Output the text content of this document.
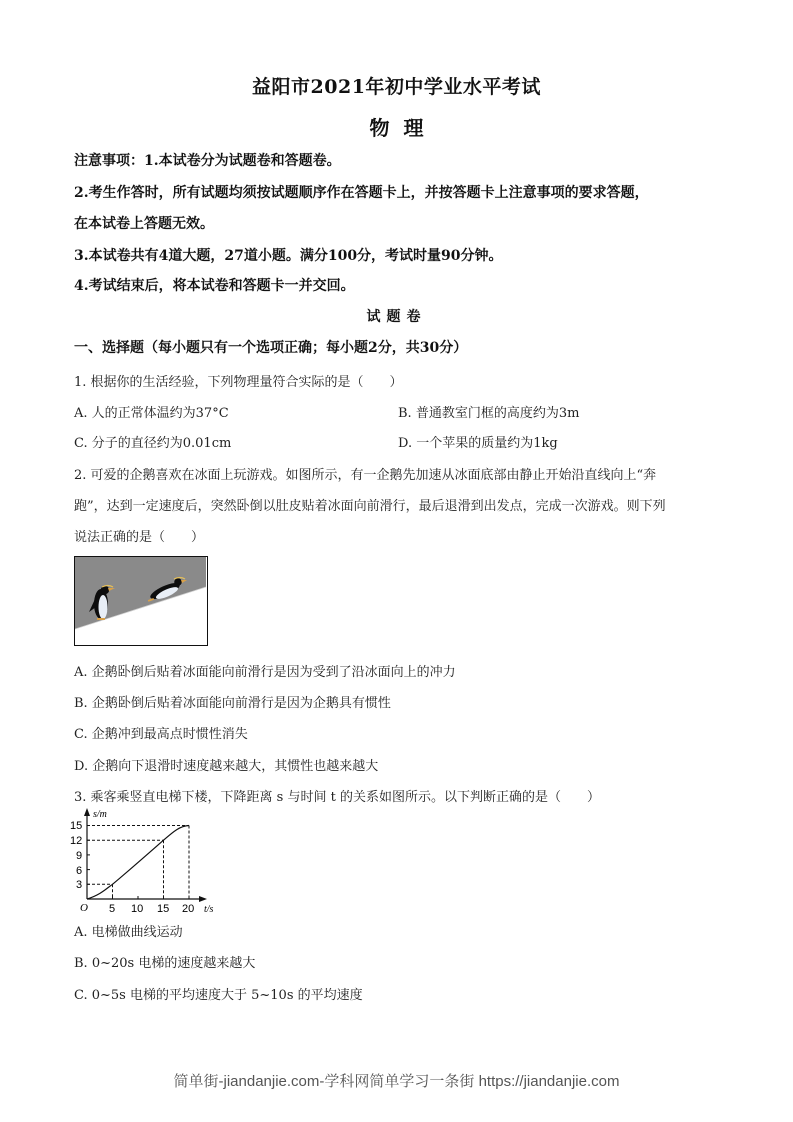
益阳市2021年初中学业水平考试
物理
注意事项：1.本试卷分为试题卷和答题卷。
2.考生作答时，所有试题均须按试题顺序作在答题卡上，并按答题卡上注意事项的要求答题，
在本试卷上答题无效。
3.本试卷共有4道大题，27道小题。满分100分，考试时量90分钟。
4.考试结束后，将本试卷和答题卡一并交回。
试题卷
一、选择题（每小题只有一个选项正确；每小题2分，共30分）
1. 根据你的生活经验，下列物理量符合实际的是（　　）
A. 人的正常体温约为37°C	B. 普通教室门框的高度约为3m
C. 分子的直径约为0.01cm	D. 一个苹果的质量约为1kg
2. 可爱的企鹅喜欢在冰面上玩游戏。如图所示，有一企鹅先加速从冰面底部由静止开始沿直线向上“奔
跑”，达到一定速度后，突然卧倒以肚皮贴着冰面向前滑行，最后退滑到出发点，完成一次游戏。则下列
说法正确的是（　　）
A. 企鹅卧倒后贴着冰面能向前滑行是因为受到了沿冰面向上的冲力
B. 企鹅卧倒后贴着冰面能向前滑行是因为企鹅具有惯性
C. 企鹅冲到最高点时惯性消失
D. 企鹅向下退滑时速度越来越大，其惯性也越来越大
3. 乘客乘竖直电梯下楼，下降距离 s 与时间 t 的关系如图所示。以下判断正确的是（　　）
s/m
15
12
9
6
3
O 5 10 15 20 t/s
A. 电梯做曲线运动
B. 0~20s 电梯的速度越来越大
C. 0~5s 电梯的平均速度大于 5~10s 的平均速度
简单街-jiandanjie.com-学科网简单学习一条街 https://jiandanjie.com
